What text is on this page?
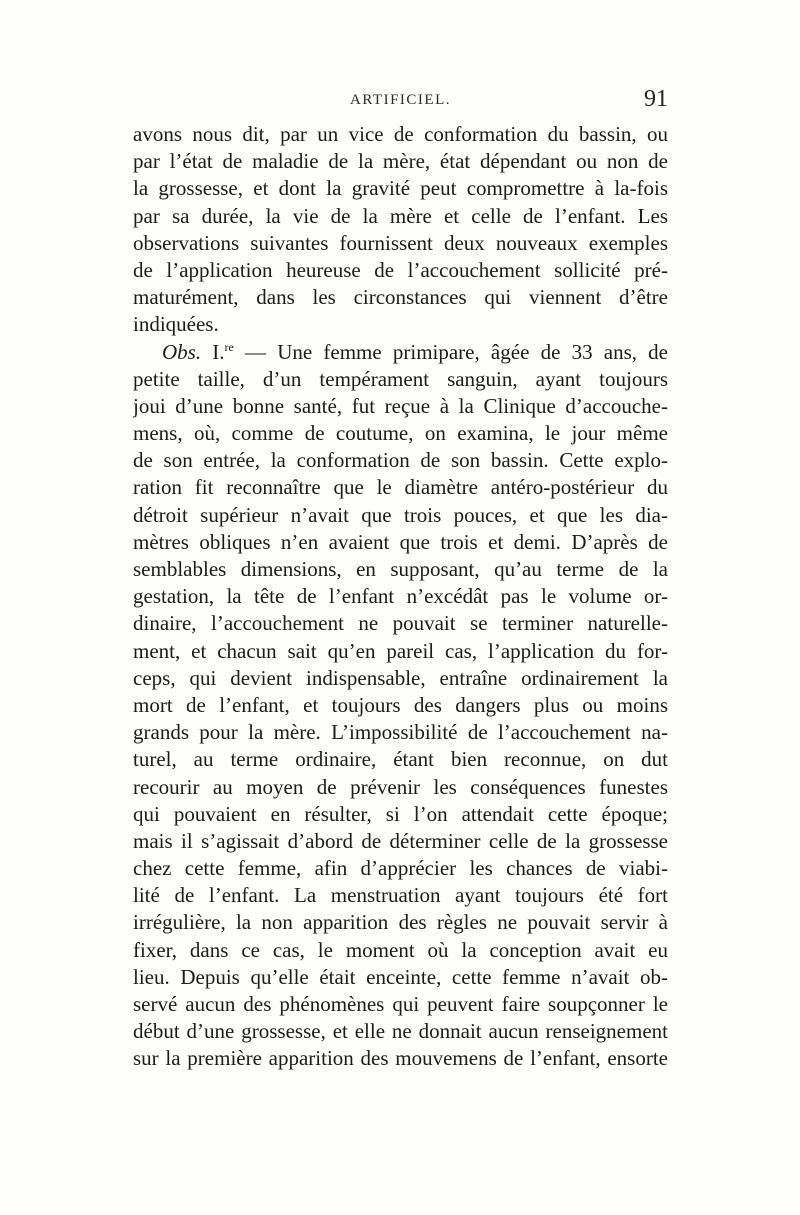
ARTIFICIEL.	91
avons nous dit, par un vice de conformation du bassin, ou
par l’état de maladie de la mère, état dépendant ou non de
la grossesse, et dont la gravité peut compromettre à la-fois
par sa durée, la vie de la mère et celle de l’enfant. Les
observations suivantes fournissent deux nouveaux exemples
de l’application heureuse de l’accouchement sollicité pré-
maturément, dans les circonstances qui viennent d’être
indiquées.
Obs. I.$^{re}$ — Une femme primipare, âgée de 33 ans, de
petite taille, d’un tempérament sanguin, ayant toujours
joui d’une bonne santé, fut reçue à la Clinique d’accouche-
mens, où, comme de coutume, on examina, le jour même
de son entrée, la conformation de son bassin. Cette explo-
ration fit reconnaître que le diamètre antéro-postérieur du
détroit supérieur n’avait que trois pouces, et que les dia-
mètres obliques n’en avaient que trois et demi. D’après de
semblables dimensions, en supposant, qu’au terme de la
gestation, la tête de l’enfant n’excédât pas le volume or-
dinaire, l’accouchement ne pouvait se terminer naturelle-
ment, et chacun sait qu’en pareil cas, l’application du for-
ceps, qui devient indispensable, entraîne ordinairement la
mort de l’enfant, et toujours des dangers plus ou moins
grands pour la mère. L’impossibilité de l’accouchement na-
turel, au terme ordinaire, étant bien reconnue, on dut
recourir au moyen de prévenir les conséquences funestes
qui pouvaient en résulter, si l’on attendait cette époque;
mais il s’agissait d’abord de déterminer celle de la grossesse
chez cette femme, afin d’apprécier les chances de viabi-
lité de l’enfant. La menstruation ayant toujours été fort
irrégulière, la non apparition des règles ne pouvait servir à
fixer, dans ce cas, le moment où la conception avait eu
lieu. Depuis qu’elle était enceinte, cette femme n’avait ob-
servé aucun des phénomènes qui peuvent faire soupçonner le
début d’une grossesse, et elle ne donnait aucun renseignement
sur la première apparition des mouvemens de l’enfant, ensorte
